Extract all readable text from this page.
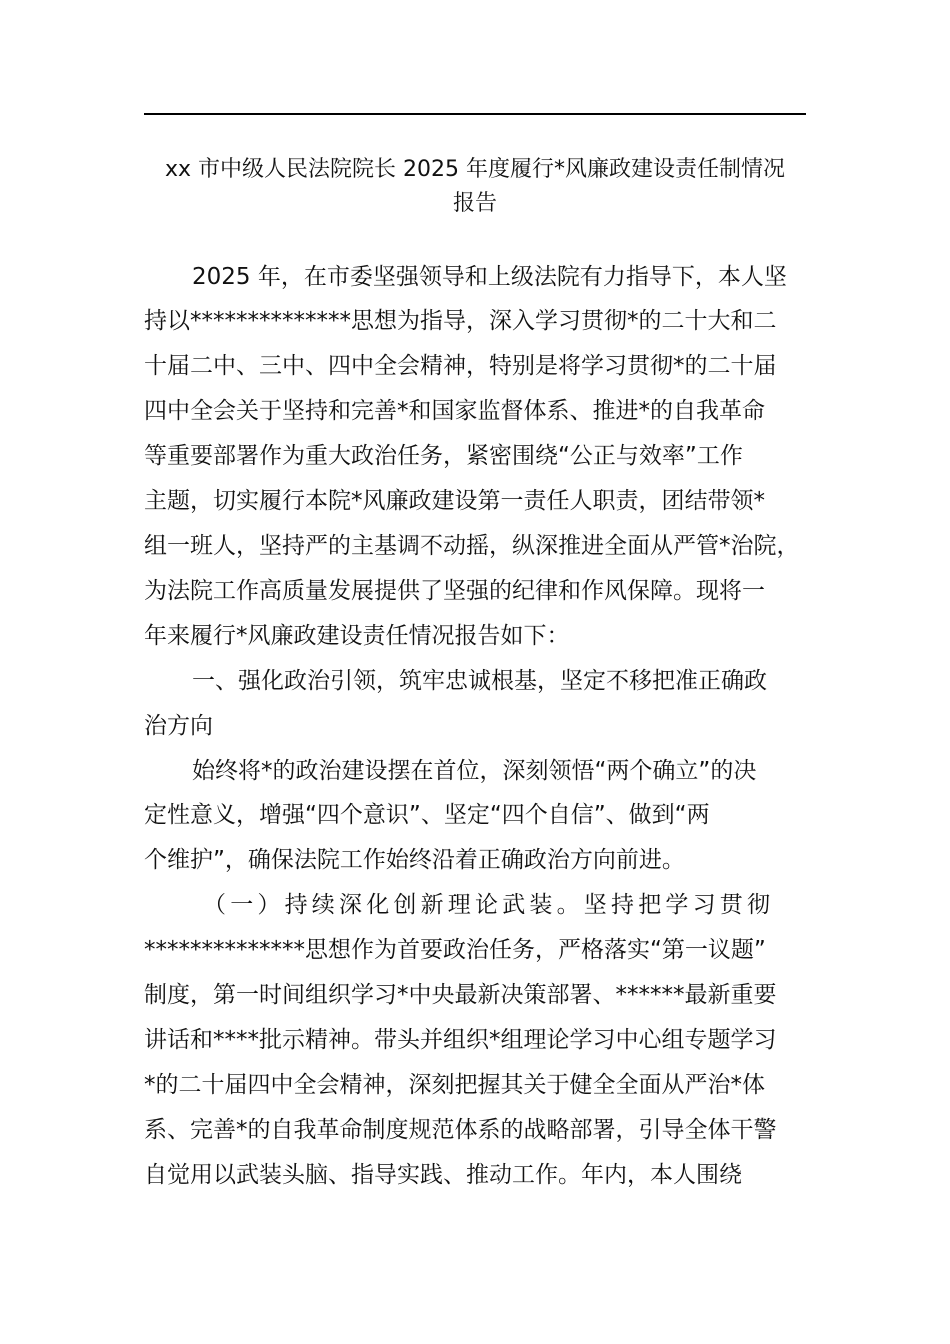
xx 市中级人民法院院长 2025 年度履行*风廉政建设责任制情况
报告
2025 年，在市委坚强领导和上级法院有力指导下，本人坚
持以**************思想为指导，深入学习贯彻*的二十大和二
十届二中、三中、四中全会精神，特别是将学习贯彻*的二十届
四中全会关于坚持和完善*和国家监督体系、推进*的自我革命
等重要部署作为重大政治任务，紧密围绕“公正与效率”工作
主题，切实履行本院*风廉政建设第一责任人职责，团结带领*
组一班人，坚持严的主基调不动摇，纵深推进全面从严管*治院，
为法院工作高质量发展提供了坚强的纪律和作风保障。现将一
年来履行*风廉政建设责任情况报告如下：
一、强化政治引领，筑牢忠诚根基，坚定不移把准正确政
治方向
始终将*的政治建设摆在首位，深刻领悟“两个确立”的决
定性意义，增强“四个意识”、坚定“四个自信”、做到“两
个维护”，确保法院工作始终沿着正确政治方向前进。
（一）持续深化创新理论武装。坚持把学习贯彻
**************思想作为首要政治任务，严格落实“第一议题”
制度，第一时间组织学习*中央最新决策部署、******最新重要
讲话和****批示精神。带头并组织*组理论学习中心组专题学习
*的二十届四中全会精神，深刻把握其关于健全全面从严治*体
系、完善*的自我革命制度规范体系的战略部署，引导全体干警
自觉用以武装头脑、指导实践、推动工作。年内，本人围绕
